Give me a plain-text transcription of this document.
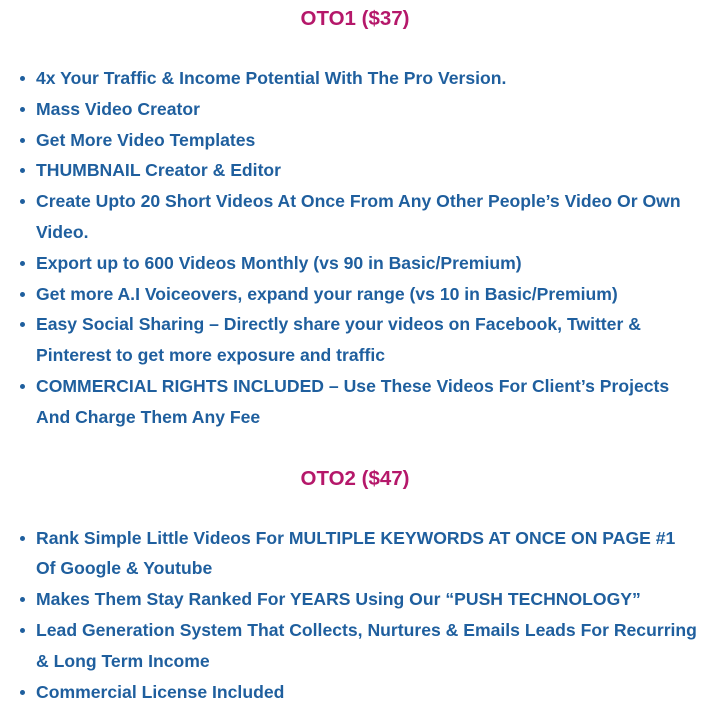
OTO1 ($37)
4x Your Traffic & Income Potential With The Pro Version.
Mass Video Creator
Get More Video Templates
THUMBNAIL Creator & Editor
Create Upto 20 Short Videos At Once From Any Other People’s Video Or Own Video.
Export up to 600 Videos Monthly (vs 90 in Basic/Premium)
Get more A.I Voiceovers, expand your range (vs 10 in Basic/Premium)
Easy Social Sharing – Directly share your videos on Facebook, Twitter & Pinterest to get more exposure and traffic
COMMERCIAL RIGHTS INCLUDED – Use These Videos For Client’s Projects And Charge Them Any Fee
OTO2 ($47)
Rank Simple Little Videos For MULTIPLE KEYWORDS AT ONCE ON PAGE #1 Of Google & Youtube
Makes Them Stay Ranked For YEARS Using Our “PUSH TECHNOLOGY”
Lead Generation System That Collects, Nurtures & Emails Leads For Recurring & Long Term Income
Commercial License Included
